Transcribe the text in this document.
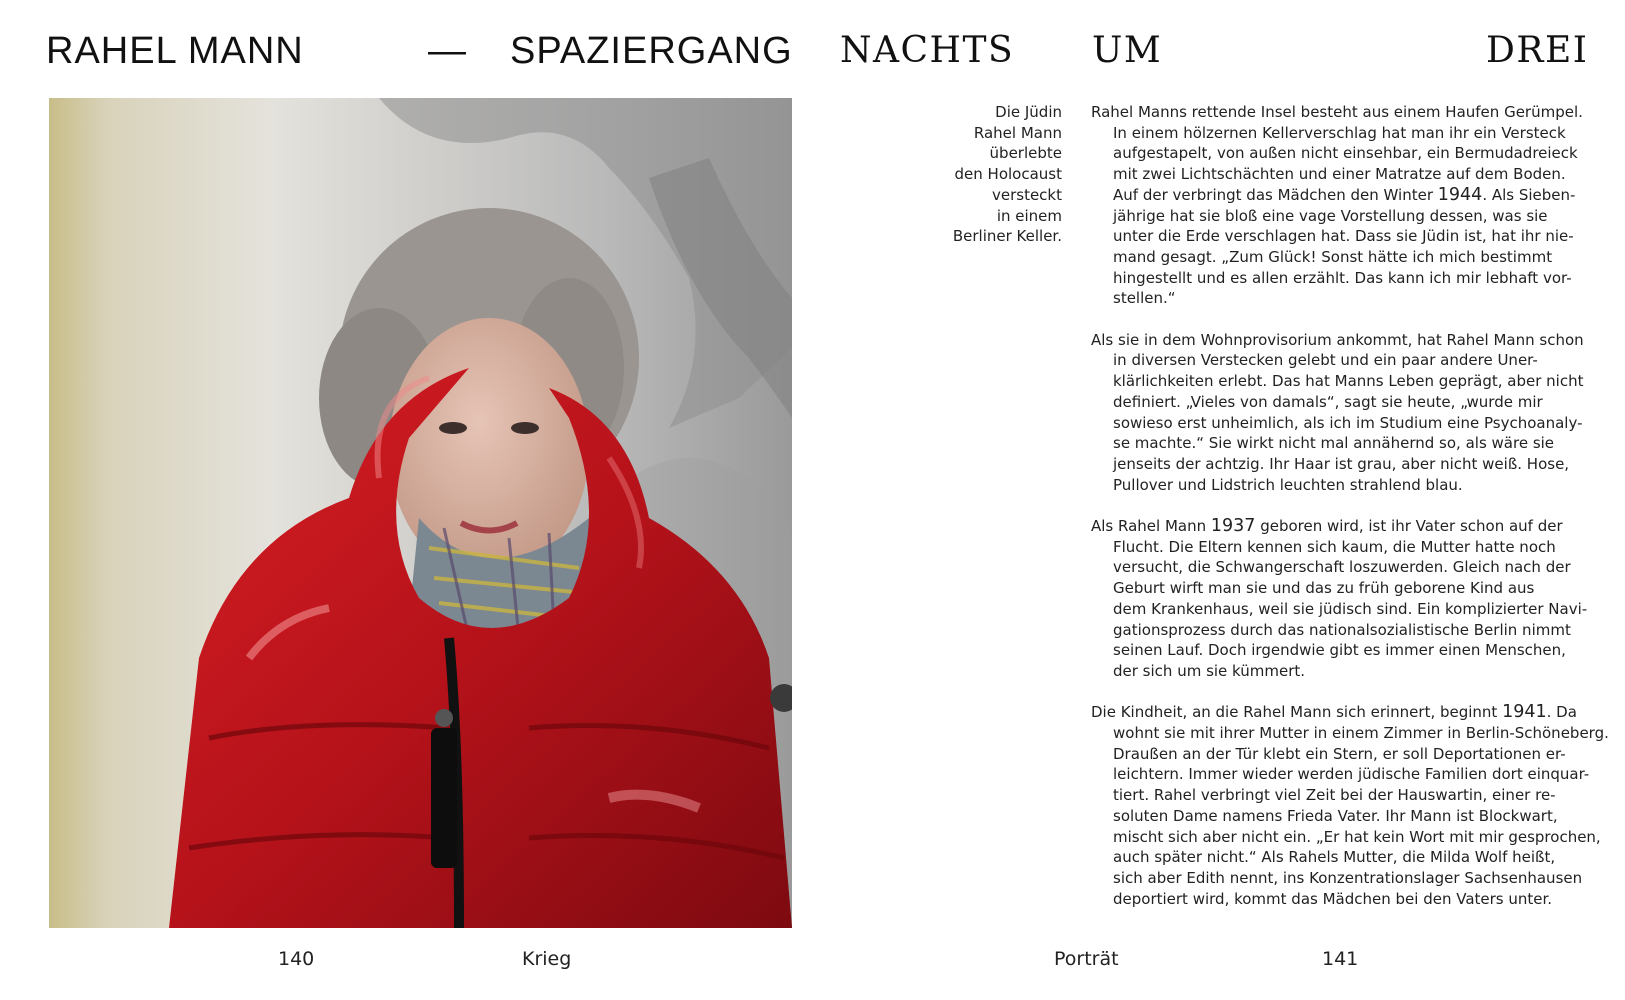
RAHEL MANN	— SPAZIERGANG NACHTS UM	DREI
Die Jüdin
Rahel Mann
überlebte
den Holocaust
versteckt
in einem
Berliner Keller.
Rahel Manns rettende Insel besteht aus einem Haufen Gerümpel.
In einem hölzernen Kellerverschlag hat man ihr ein Versteck
aufgestapelt, von außen nicht einsehbar, ein Bermudadreieck
mit zwei Lichtschächten und einer Matratze auf dem Boden.
Auf der verbringt das Mädchen den Winter 1944. Als Sieben-
jährige hat sie bloß eine vage Vorstellung dessen, was sie
unter die Erde verschlagen hat. Dass sie Jüdin ist, hat ihr nie-
mand gesagt. „Zum Glück! Sonst hätte ich mich bestimmt
hingestellt und es allen erzählt. Das kann ich mir lebhaft vor-
stellen.“
Als sie in dem Wohnprovisorium ankommt, hat Rahel Mann schon
in diversen Verstecken gelebt und ein paar andere Uner-
klärlichkeiten erlebt. Das hat Manns Leben geprägt, aber nicht
definiert. „Vieles von damals“, sagt sie heute, „wurde mir
sowieso erst unheimlich, als ich im Studium eine Psychoanaly-
se machte.“ Sie wirkt nicht mal annähernd so, als wäre sie
jenseits der achtzig. Ihr Haar ist grau, aber nicht weiß. Hose,
Pullover und Lidstrich leuchten strahlend blau.
Als Rahel Mann 1937 geboren wird, ist ihr Vater schon auf der
Flucht. Die Eltern kennen sich kaum, die Mutter hatte noch
versucht, die Schwangerschaft loszuwerden. Gleich nach der
Geburt wirft man sie und das zu früh geborene Kind aus
dem Krankenhaus, weil sie jüdisch sind. Ein komplizierter Navi-
gationsprozess durch das nationalsozialistische Berlin nimmt
seinen Lauf. Doch irgendwie gibt es immer einen Menschen,
der sich um sie kümmert.
Die Kindheit, an die Rahel Mann sich erinnert, beginnt 1941. Da
wohnt sie mit ihrer Mutter in einem Zimmer in Berlin-Schöneberg.
Draußen an der Tür klebt ein Stern, er soll Deportationen er-
leichtern. Immer wieder werden jüdische Familien dort einquar-
tiert. Rahel verbringt viel Zeit bei der Hauswartin, einer re-
soluten Dame namens Frieda Vater. Ihr Mann ist Blockwart,
mischt sich aber nicht ein. „Er hat kein Wort mit mir gesprochen,
auch später nicht.“ Als Rahels Mutter, die Milda Wolf heißt,
sich aber Edith nennt, ins Konzentrationslager Sachsenhausen
deportiert wird, kommt das Mädchen bei den Vaters unter.
140	Krieg	Porträt	141
